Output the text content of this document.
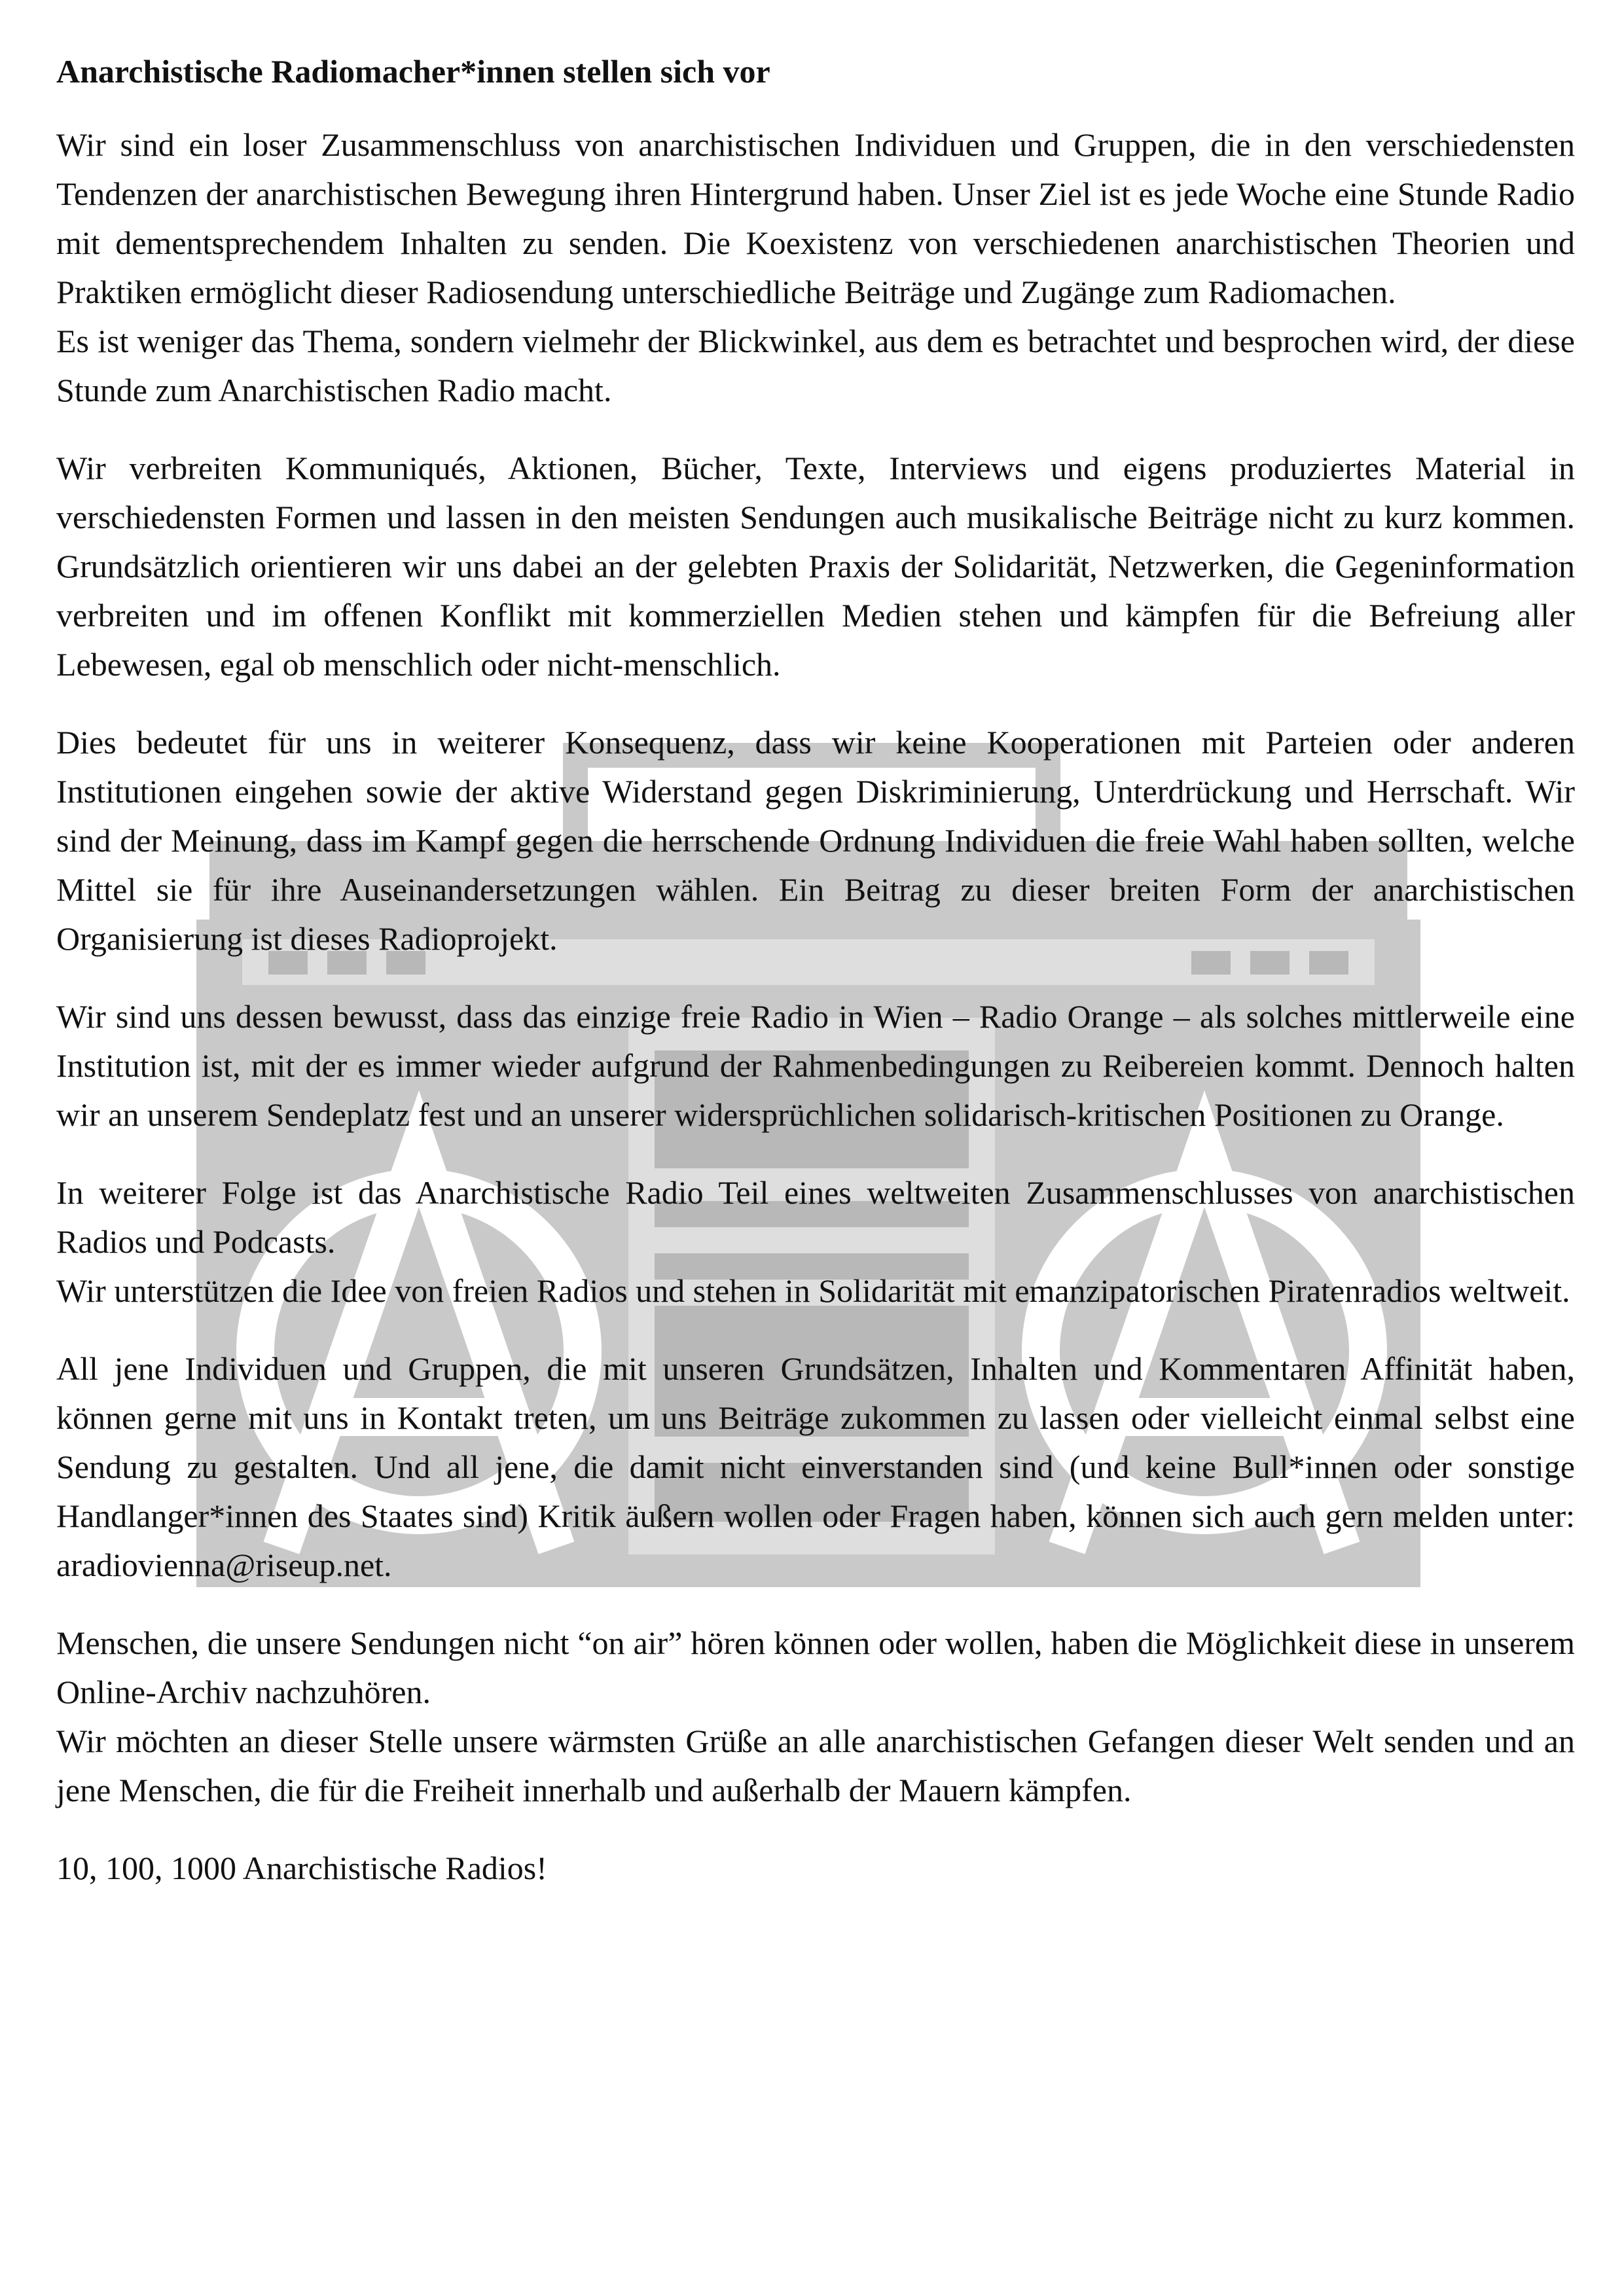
Anarchistische Radiomacher*innen stellen sich vor
Wir sind ein loser Zusammenschluss von anarchistischen Individuen und Gruppen, die in den verschiedensten Tendenzen der anarchistischen Bewegung ihren Hintergrund haben. Unser Ziel ist es jede Woche eine Stunde Radio mit dementsprechendem Inhalten zu senden. Die Koexistenz von verschiedenen anarchistischen Theorien und Praktiken ermöglicht dieser Radiosendung unterschiedliche Beiträge und Zugänge zum Radiomachen.
Es ist weniger das Thema, sondern vielmehr der Blickwinkel, aus dem es betrachtet und besprochen wird, der diese Stunde zum Anarchistischen Radio macht.
Wir verbreiten Kommuniqués, Aktionen, Bücher, Texte, Interviews und eigens produziertes Material in verschiedensten Formen und lassen in den meisten Sendungen auch musikalische Beiträge nicht zu kurz kommen. Grundsätzlich orientieren wir uns dabei an der gelebten Praxis der Solidarität, Netzwerken, die Gegeninformation verbreiten und im offenen Konflikt mit kommerziellen Medien stehen und kämpfen für die Befreiung aller Lebewesen, egal ob menschlich oder nicht-menschlich.
Dies bedeutet für uns in weiterer Konsequenz, dass wir keine Kooperationen mit Parteien oder anderen Institutionen eingehen sowie der aktive Widerstand gegen Diskriminierung, Unterdrückung und Herrschaft. Wir sind der Meinung, dass im Kampf gegen die herrschende Ordnung Individuen die freie Wahl haben sollten, welche Mittel sie für ihre Auseinandersetzungen wählen. Ein Beitrag zu dieser breiten Form der anarchistischen Organisierung ist dieses Radioprojekt.
Wir sind uns dessen bewusst, dass das einzige freie Radio in Wien – Radio Orange – als solches mittlerweile eine Institution ist, mit der es immer wieder aufgrund der Rahmenbedingungen zu Reibereien kommt. Dennoch halten wir an unserem Sendeplatz fest und an unserer widersprüchlichen solidarisch-kritischen Positionen zu Orange.
In weiterer Folge ist das Anarchistische Radio Teil eines weltweiten Zusammenschlusses von anarchistischen Radios und Podcasts.
Wir unterstützen die Idee von freien Radios und stehen in Solidarität mit emanzipatorischen Piratenradios weltweit.
All jene Individuen und Gruppen, die mit unseren Grundsätzen, Inhalten und Kommentaren Affinität haben, können gerne mit uns in Kontakt treten, um uns Beiträge zukommen zu lassen oder vielleicht einmal selbst eine Sendung zu gestalten. Und all jene, die damit nicht einverstanden sind (und keine Bull*innen oder sonstige Handlanger*innen des Staates sind) Kritik äußern wollen oder Fragen haben, können sich auch gern melden unter: aradiovienna@riseup.net.
Menschen, die unsere Sendungen nicht “on air” hören können oder wollen, haben die Möglichkeit diese in unserem Online-Archiv nachzuhören.
Wir möchten an dieser Stelle unsere wärmsten Grüße an alle anarchistischen Gefangen dieser Welt senden und an jene Menschen, die für die Freiheit innerhalb und außerhalb der Mauern kämpfen.
10, 100, 1000 Anarchistische Radios!
